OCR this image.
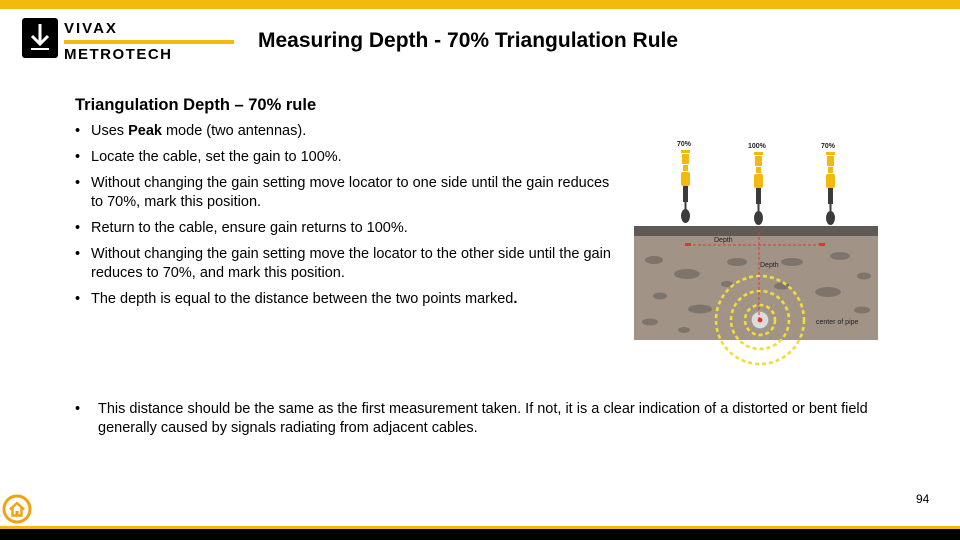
VIVAX
METROTECH
Measuring Depth - 70% Triangulation Rule
Triangulation Depth – 70% rule
• Uses Peak mode (two antennas).
• Locate the cable, set the gain to 100%.
• Without changing the gain setting move locator to one side until the gain reduces to 70%, mark this position.
• Return to the cable, ensure gain returns to 100%.
• Without changing the gain setting move the locator to the other side until the gain reduces to 70%, and mark this position.
• The depth is equal to the distance between the two points marked.
Depth
Depth
center of pipe
70%	100%	70%
•	This distance should be the same as the first measurement taken. If not, it is a clear indication of a distorted or bent field generally caused by signals radiating from adjacent cables.
94
